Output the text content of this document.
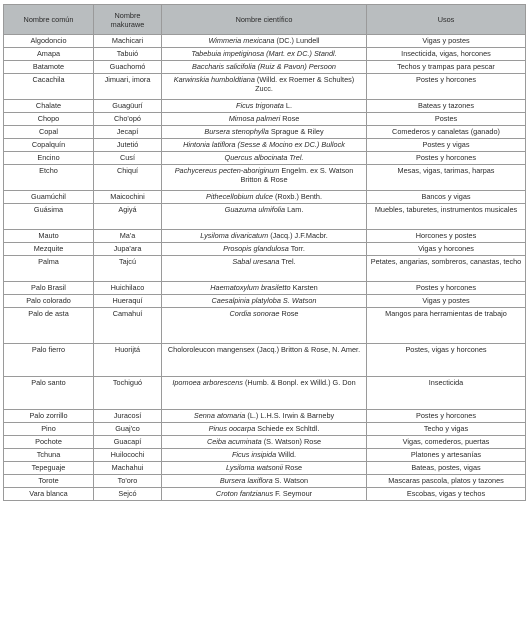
Nombre común	Nombre makurawe	Nombre científico	Usos
Algodoncio	Machicari	Wimmeria mexicana (DC.) Lundell	Vigas y postes
Amapa	Tabuió	Tabebuia impetiginosa (Mart. ex DC.) Standl.	Insecticida, vigas, horcones
Batamote	Guachomó	Baccharis salicifolia (Ruiz & Pavon) Persoon	Techos y trampas para pescar
Cacachila	Jimuari, imora	Karwinskia humboldtiana (Willd. ex Roemer & Schultes) Zucc.	Postes y horcones
Chalate	Guagüurí	Ficus trigonata L.	Bateas y tazones
Chopo	Cho'opó	Mimosa palmeri Rose	Postes
Copal	Jecapí	Bursera stenophylla Sprague & Riley	Comederos y canaletas (ganado)
Copalquín	Jutetió	Hintonia latiflora (Sesse & Mocino ex DC.) Bullock	Postes y vigas
Encino	Cusí	Quercus albocinata Trel.	Postes y horcones
Etcho	Chiquí	Pachycereus pecten-aboriginum Engelm. ex S. Watson Britton & Rose	Mesas, vigas, tarimas, harpas
Guamúchil	Maicochini	Pithecellobium dulce (Roxb.) Benth.	Bancos y vigas
Guásima	Agiyá	Guazuma ulmifolia Lam.	Muebles, taburetes, instrumentos musicales
Mauto	Ma'a	Lysiloma divaricatum (Jacq.) J.F.Macbr.	Horcones y postes
Mezquite	Jupa'ara	Prosopis glandulosa Torr.	Vigas y horcones
Palma	Tajcú	Sabal uresana Trel.	Petates, angarias, sombreros, canastas, techo
Palo Brasil	Huichilaco	Haematoxylum brasiletto Karsten	Postes y horcones
Palo colorado	Hueraquí	Caesalpinia platyloba S. Watson	Vigas y postes
Palo de asta	Camahuí	Cordia sonorae Rose	Mangos para herramientas de trabajo
Palo fierro	Huorijtá	Choloroleucon mangensex (Jacq.) Britton & Rose, N. Amer.	Postes, vigas y horcones
Palo santo	Tochiguó	Ipomoea arborescens (Humb. & Bonpl. ex Willd.) G. Don	Insecticida
Palo zorrillo	Juracosí	Senna atomaria (L.) L.H.S. Irwin & Barneby	Postes y horcones
Pino	Guaj'co	Pinus oocarpa Schiede ex Schltdl.	Techo y vigas
Pochote	Guacapí	Ceiba acuminata (S. Watson) Rose	Vigas, comederos, puertas
Tchuna	Huilocochi	Ficus insipida Willd.	Platones y artesanías
Tepeguaje	Machahui	Lysiloma watsonii Rose	Bateas, postes, vigas
Torote	To'oro	Bursera laxiflora S. Watson	Mascaras pascola, platos y tazones
Vara blanca	Sejcó	Croton fantzianus F. Seymour	Escobas, vigas y techos
